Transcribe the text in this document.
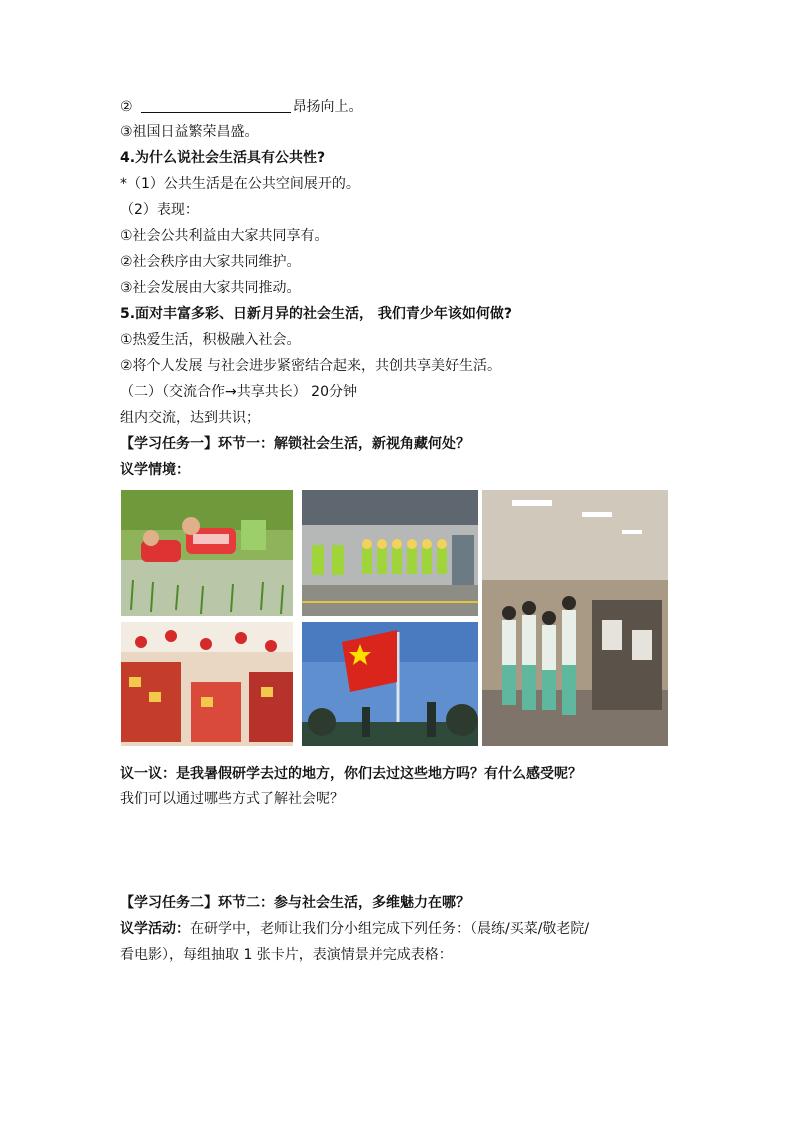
②	昂扬向上。
③祖国日益繁荣昌盛。
4.为什么说社会生活具有公共性?
*（1）公共生活是在公共空间展开的。
（2）表现：
①社会公共利益由大家共同享有。
②社会秩序由大家共同维护。
③社会发展由大家共同推动。
5.面对丰富多彩、日新月异的社会生活， 我们青少年该如何做?
①热爱生活，积极融入社会。
②将个人发展 与社会进步紧密结合起来，共创共享美好生活。
（二）（交流合作→共享共长） 20分钟
组内交流，达到共识；
【学习任务一】环节一：解锁社会生活，新视角藏何处？
议学情境：
议一议：是我暑假研学去过的地方，你们去过这些地方吗？有什么感受呢？
我们可以通过哪些方式了解社会呢？
【学习任务二】环节二：参与社会生活，多维魅力在哪？
议学活动：在研学中，老师让我们分小组完成下列任务：（晨练/买菜/敬老院/
看电影），每组抽取 1 张卡片，表演情景并完成表格：
